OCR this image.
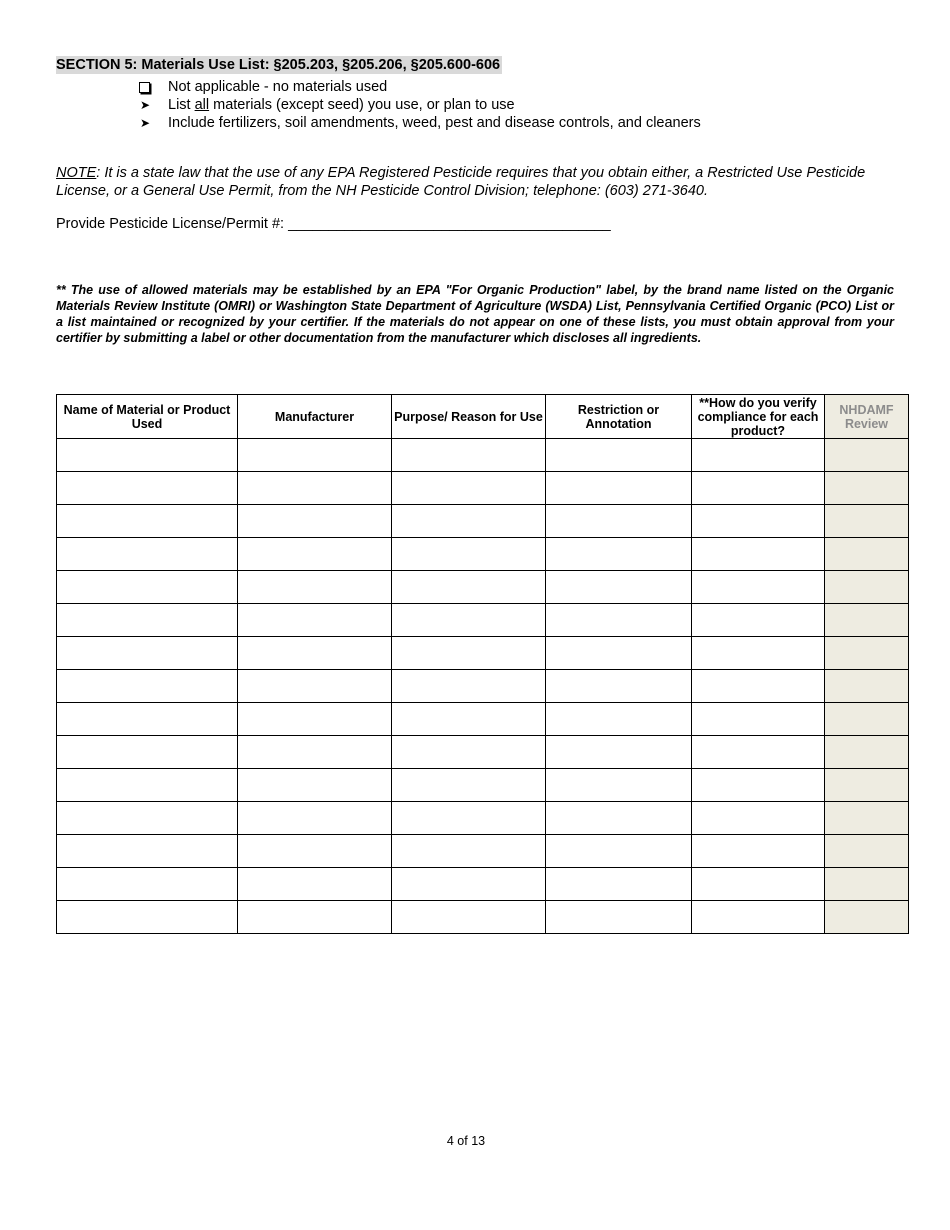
SECTION 5: Materials Use List: §205.203, §205.206, §205.600-606
Not applicable - no materials used
➤ List all materials (except seed) you use, or plan to use
➤ Include fertilizers, soil amendments, weed, pest and disease controls, and cleaners
NOTE: It is a state law that the use of any EPA Registered Pesticide requires that you obtain either, a Restricted Use Pesticide License, or a General Use Permit, from the NH Pesticide Control Division; telephone: (603) 271-3640.
Provide Pesticide License/Permit #: ________________________________________
** The use of allowed materials may be established by an EPA "For Organic Production" label, by the brand name listed on the Organic Materials Review Institute (OMRI) or Washington State Department of Agriculture (WSDA) List, Pennsylvania Certified Organic (PCO) List or a list maintained or recognized by your certifier. If the materials do not appear on one of these lists, you must obtain approval from your certifier by submitting a label or other documentation from the manufacturer which discloses all ingredients.
Name of Material or Product Used	Manufacturer	Purpose/ Reason for Use	Restriction or Annotation	**How do you verify compliance for each product?	NHDAMF Review

4 of 13
